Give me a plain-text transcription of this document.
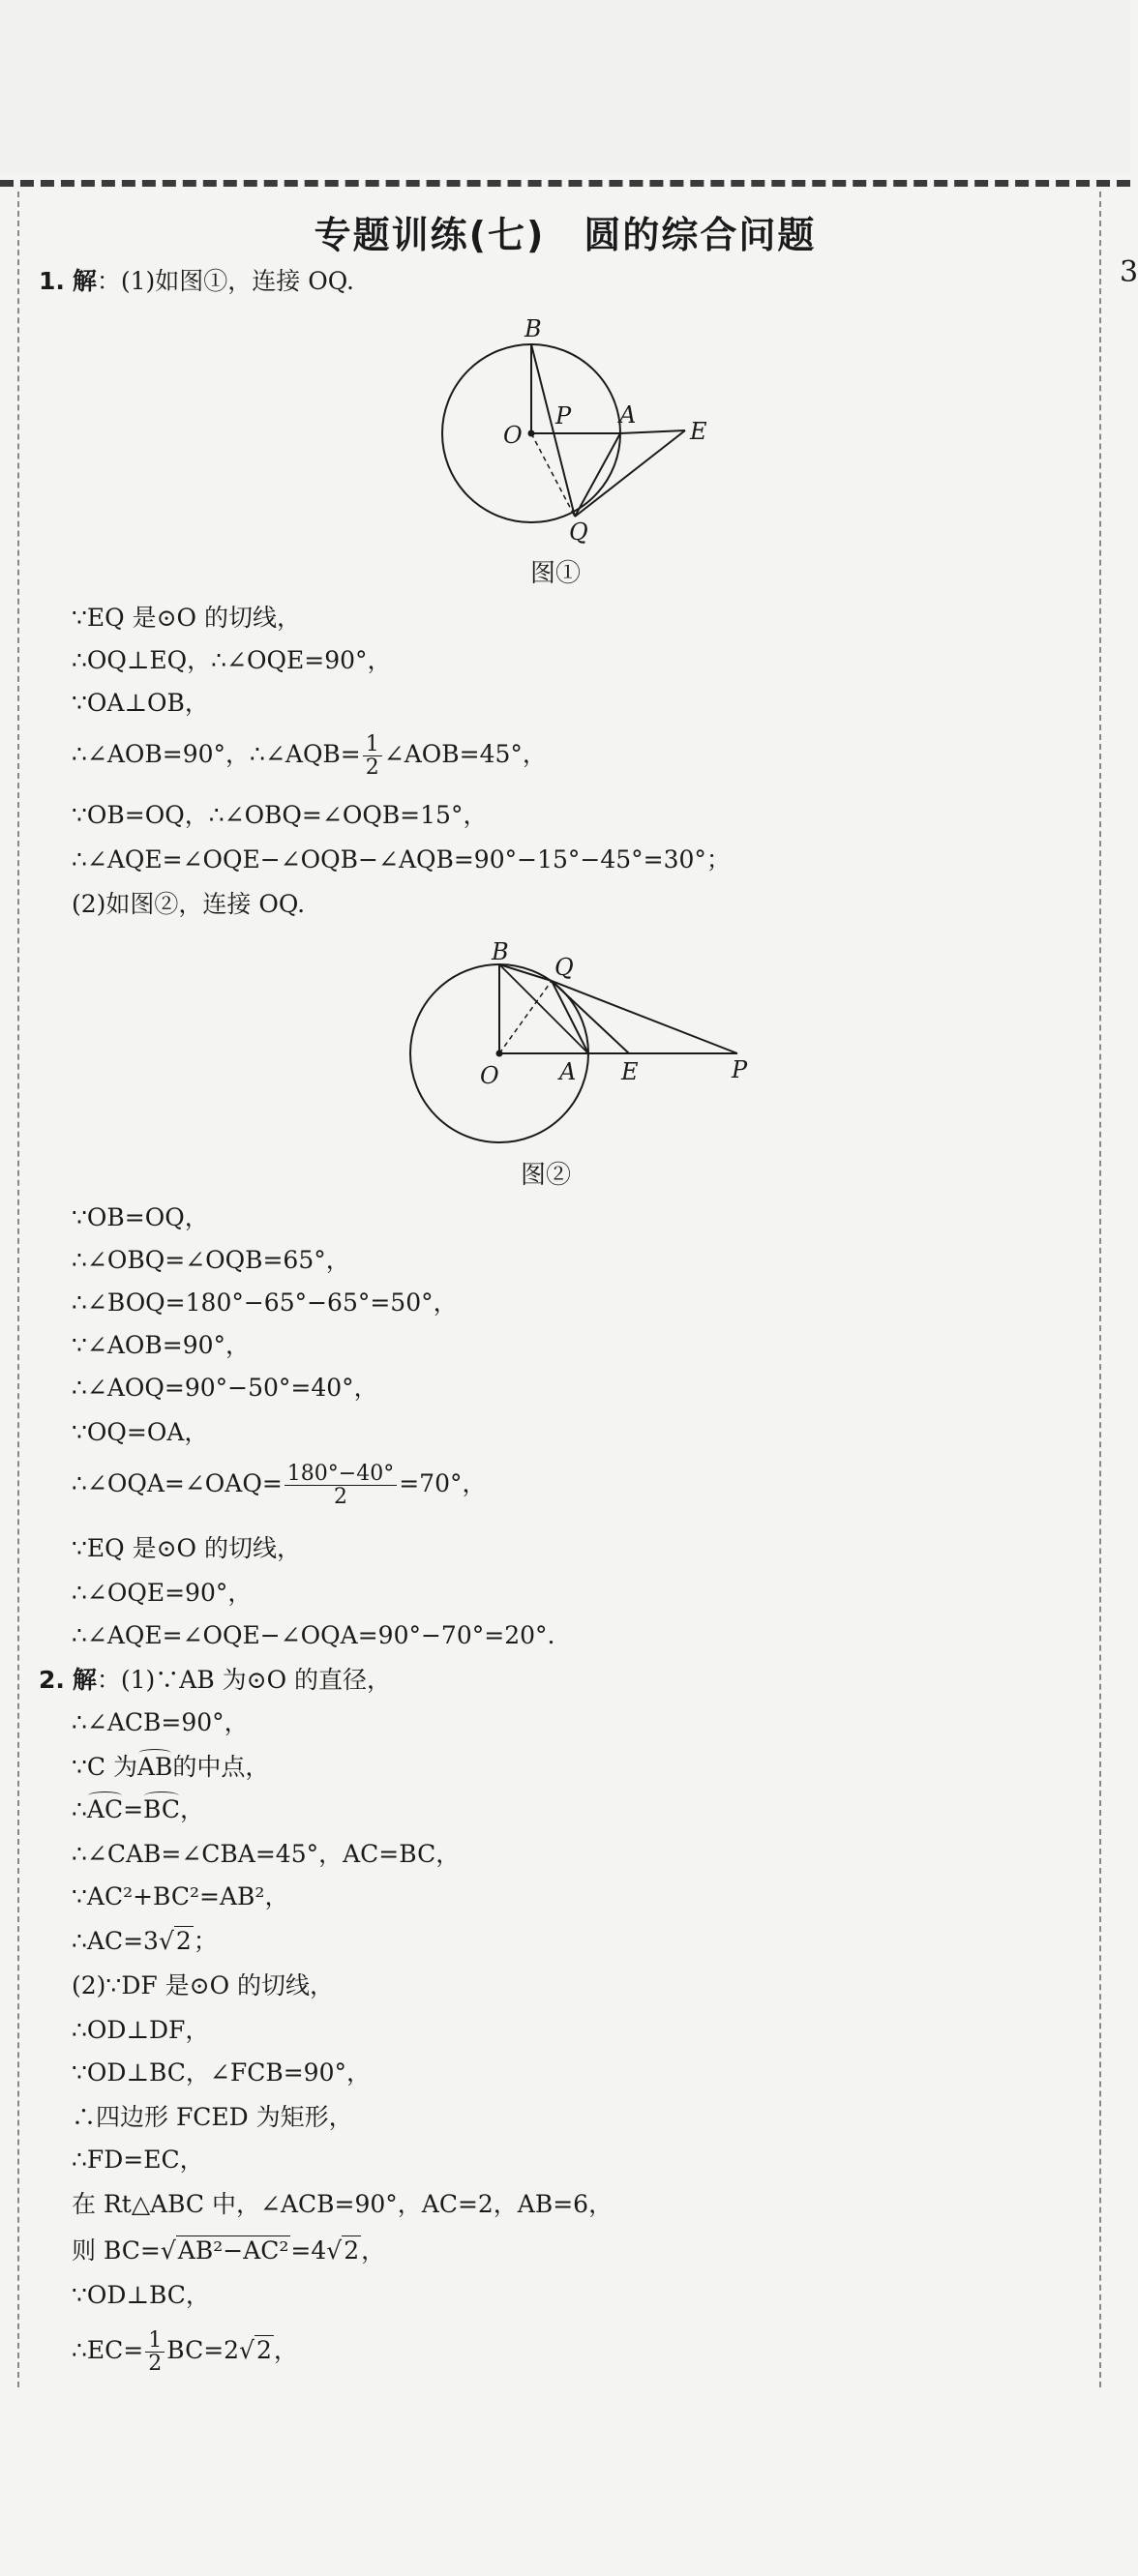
3
专题训练(七)　圆的综合问题
1. 解：(1)如图①，连接 OQ.
B
O
P A
E
Q
图①
∵EQ 是⊙O 的切线，
∴OQ⊥EQ，∴∠OQE=90°，
∵OA⊥OB，
∴∠AOB=90°，∴∠AQB= $\frac{1}{2}$ ∠AOB=45°，
∵OB=OQ，∴∠OBQ=∠OQB=15°，
∴∠AQE=∠OQE−∠OQB−∠AQB=90°−15°−45°=30°；
(2)如图②，连接 OQ.
B
Q
O	A E	P
图②
∵OB=OQ，
∴∠OBQ=∠OQB=65°，
∴∠BOQ=180°−65°−65°=50°，
∵∠AOB=90°，
∴∠AOQ=90°−50°=40°，
∵OQ=OA，
∴∠OQA=∠OAQ= $\frac{180^\circ-40^\circ}{2} =70^\circ$，
∵EQ 是⊙O 的切线，
∴∠OQE=90°，
∴∠AQE=∠OQE−∠OQA=90°−70°=20°.
2. 解：(1)∵AB 为⊙O 的直径，
∴∠ACB=90°，
∵C 为AB的中点，
∴AC=BC，
∴∠CAB=∠CBA=45°，AC=BC，
∵AC²+BC²=AB²，
∴AC=3√2；
(2)∵DF 是⊙O 的切线，
∴OD⊥DF，
∵OD⊥BC，∠FCB=90°，
∴四边形 FCED 为矩形，
∴FD=EC，
在 Rt△ABC 中，∠ACB=90°，AC=2，AB=6，
则 BC=√AB²−AC²=4√2，
∵OD⊥BC，
∴EC= $\frac{1}{2} BC=2√2$，
